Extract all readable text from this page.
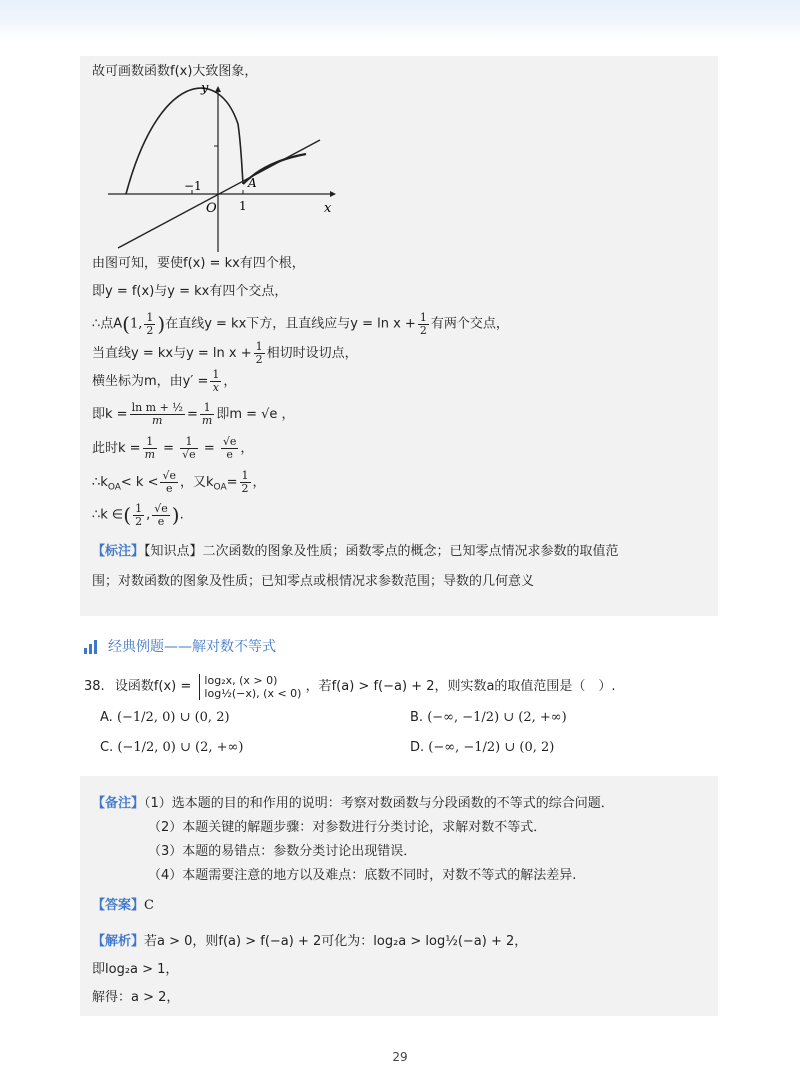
故可画数函数f(x)大致图象，
y
x
O
−1
1
A
由图可知，要使f(x) = kx有四个根，
即y = f(x)与y = kx有四个交点，
∴点A(1, $\frac{1}{2}$ )在直线y = kx下方，且直线应与$y = \ln x + \frac{1}{2}$ 有两个交点，
当直线y = kx与$y = \ln x + \frac{1}{2}$ 相切时设切点，
横坐标为m，由$y' = \frac{1}{x}$ ，
即$k = \frac{\text{ln m + ½}}{m} = \frac{1}{m}$ 即m = √e ，
此时$k = \frac{1}{m} = \frac{1}{√e} = \frac{√e}{e}$ ，
$\therefore k_{OA}< k < \frac{√e}{e}$ ，又$k_{OA}= \frac{1}{2}$ ，
∴k ∈( $\frac{1}{2}$ , $\frac{√e}{e}$ ).
【标注】【知识点】二次函数的图象及性质；函数零点的概念；已知零点情况求参数的取值范
围；对数函数的图象及性质；已知零点或根情况求参数范围；导数的几何意义
经典例题——解对数不等式
38. 设函数f(x) = log₂x, (x > 0)
log½(−x), (x < 0) ，若f(a) > f(−a) + 2，则实数a的取值范围是（　）.
A. (−1/2, 0) ∪ (0, 2)	B. (−∞, −1/2) ∪ (2, +∞)
C. (−1/2, 0) ∪ (2, +∞)	D. (−∞, −1/2) ∪ (0, 2)
【备注】（1）选本题的目的和作用的说明：考察对数函数与分段函数的不等式的综合问题．
（2）本题关键的解题步骤：对参数进行分类讨论，求解对数不等式．
（3）本题的易错点：参数分类讨论出现错误．
（4）本题需要注意的地方以及难点：底数不同时，对数不等式的解法差异.
【答案】C
【解析】若a > 0，则f(a) > f(−a) + 2可化为：log₂a > log½(−a) + 2，
即log₂a > 1，
解得：a > 2，
29
